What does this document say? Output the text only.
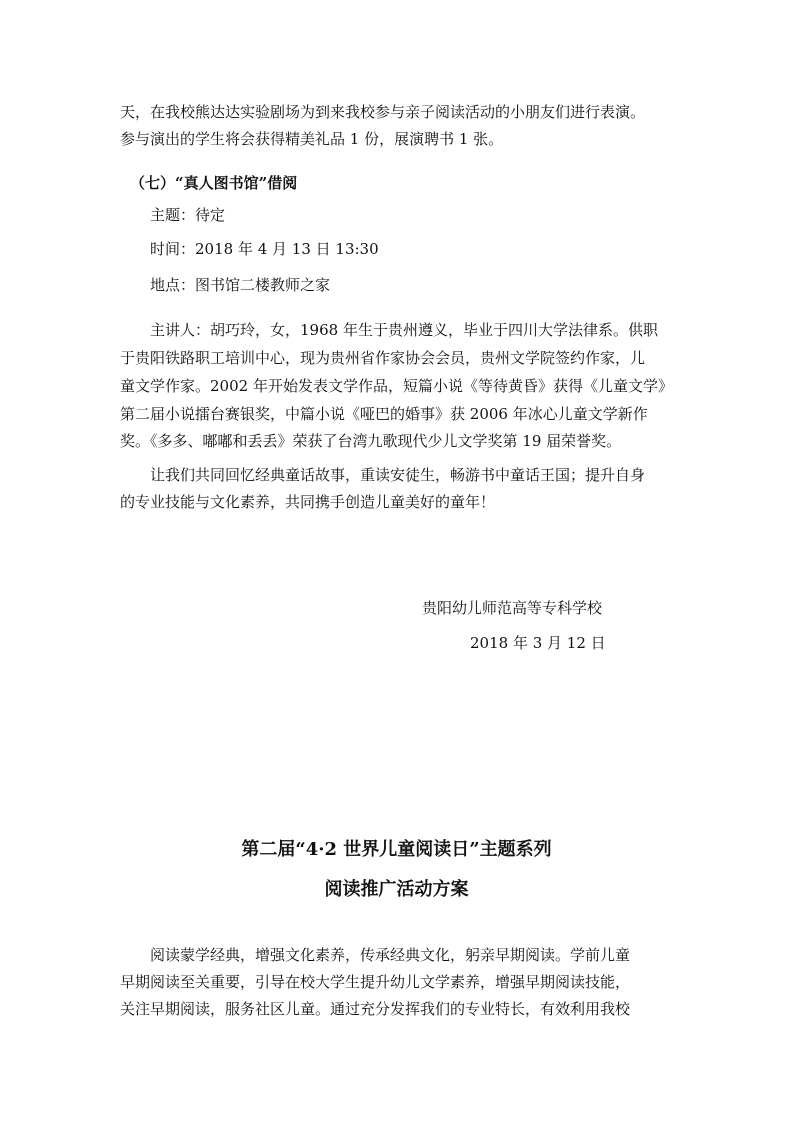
天，在我校熊达达实验剧场为到来我校参与亲子阅读活动的小朋友们进行表演。
参与演出的学生将会获得精美礼品 1 份，展演聘书 1 张。
（七）“真人图书馆”借阅
主题：待定
时间：2018 年 4 月 13 日 13:30
地点：图书馆二楼教师之家
主讲人：胡巧玲，女，1968 年生于贵州遵义，毕业于四川大学法律系。供职
于贵阳铁路职工培训中心，现为贵州省作家协会会员，贵州文学院签约作家，儿
童文学作家。2002 年开始发表文学作品，短篇小说《等待黄昏》获得《儿童文学》
第二届小说擂台赛银奖，中篇小说《哑巴的婚事》获 2006 年冰心儿童文学新作
奖。《多多、嘟嘟和丢丢》荣获了台湾九歌现代少儿文学奖第 19 届荣誉奖。
让我们共同回忆经典童话故事，重读安徒生，畅游书中童话王国；提升自身
的专业技能与文化素养，共同携手创造儿童美好的童年！
贵阳幼儿师范高等专科学校
2018 年 3 月 12 日
第二届“4·2 世界儿童阅读日”主题系列
阅读推广活动方案
阅读蒙学经典，增强文化素养，传承经典文化，躬亲早期阅读。学前儿童
早期阅读至关重要，引导在校大学生提升幼儿文学素养，增强早期阅读技能，
关注早期阅读，服务社区儿童。通过充分发挥我们的专业特长，有效利用我校
